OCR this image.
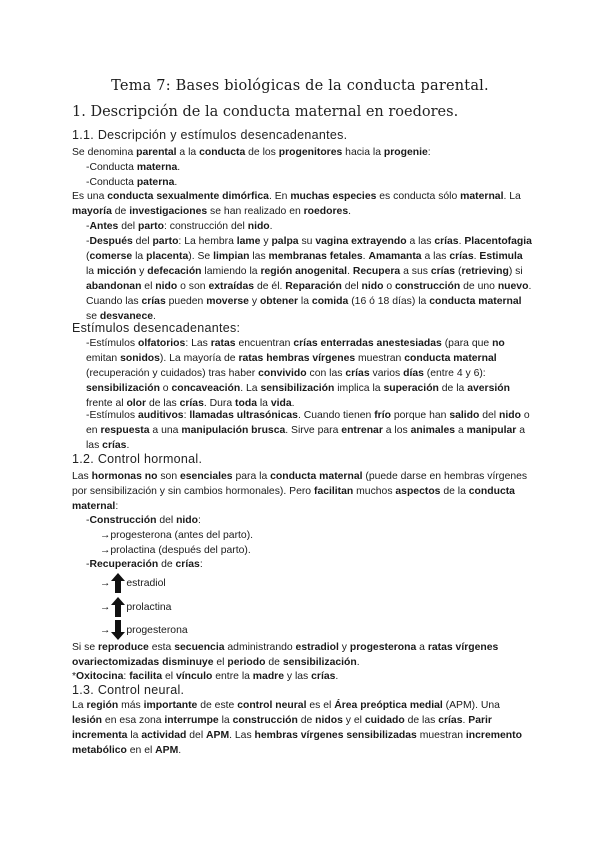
Tema 7: Bases biológicas de la conducta parental.
1. Descripción de la conducta maternal en roedores.
1.1. Descripción y estímulos desencadenantes.

Se denomina parental a la conducta de los progenitores hacia la progenie:

-Conducta materna.

-Conducta paterna.

Es una conducta sexualmente dimórfica. En muchas especies es conducta sólo maternal. La mayoría de investigaciones se han realizado en roedores.

-Antes del parto: construcción del nido.

-Después del parto: La hembra lame y palpa su vagina extrayendo a las crías. Placentofagia (comerse la placenta). Se limpian las membranas fetales. Amamanta a las crías. Estimula la micción y defecación lamiendo la región anogenital. Recupera a sus crías (retrieving) si abandonan el nido o son extraídas de él. Reparación del nido o construcción de uno nuevo. Cuando las crías pueden moverse y obtener la comida (16 ó 18 días) la conducta maternal se desvanece.

Estímulos desencadenantes:

-Estímulos olfatorios: Las ratas encuentran crías enterradas anestesiadas (para que no emitan sonidos). La mayoría de ratas hembras vírgenes muestran conducta maternal (recuperación y cuidados) tras haber convivido con las crías varios días (entre 4 y 6): sensibilización o concaveación. La sensibilización implica la superación de la aversión frente al olor de las crías. Dura toda la vida.

-Estímulos auditivos: llamadas ultrasónicas. Cuando tienen frío porque han salido del nido o en respuesta a una manipulación brusca. Sirve para entrenar a los animales a manipular a las crías.

1.2. Control hormonal.

Las hormonas no son esenciales para la conducta maternal (puede darse en hembras vírgenes por sensibilización y sin cambios hormonales). Pero facilitan muchos aspectos de la conducta maternal:

-Construcción del nido:

→progesterona (antes del parto).

→prolactina (después del parto).

-Recuperación de crías:

→ estradiol
→ prolactina
→ progesterona

Si se reproduce esta secuencia administrando estradiol y progesterona a ratas vírgenes ovariectomizadas disminuye el periodo de sensibilización.

*Oxitocina: facilita el vínculo entre la madre y las crías.

1.3. Control neural.

La región más importante de este control neural es el Área preóptica medial (APM). Una lesión en esa zona interrumpe la construcción de nidos y el cuidado de las crías. Parir incrementa la actividad del APM. Las hembras vírgenes sensibilizadas muestran incremento metabólico en el APM.
